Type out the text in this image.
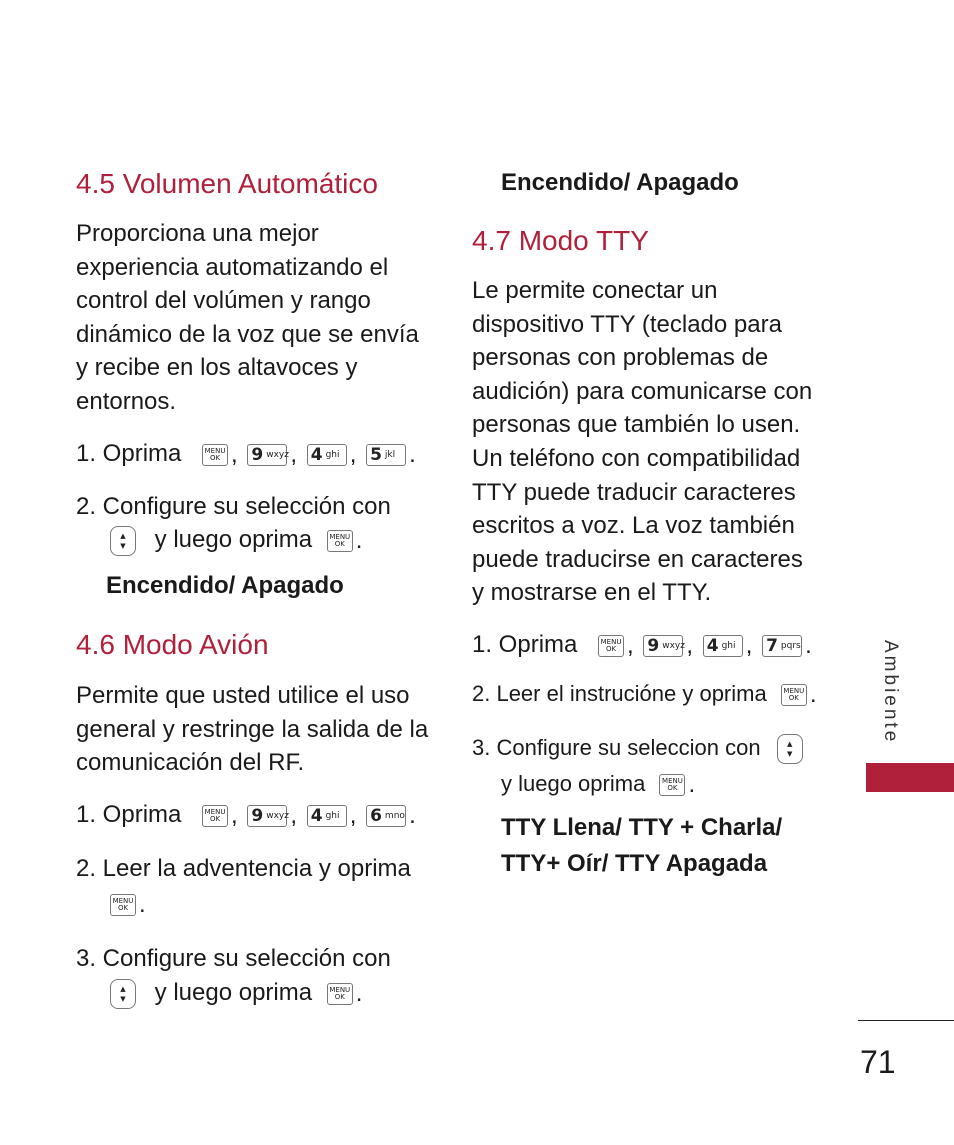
4.5 Volumen Automático

Proporciona una mejor experiencia automatizando el control del volúmen y rango dinámico de la voz que se envía y recibe en los altavoces y entornos.

1. Oprima	MENU
OK , 9 wxyz , 4 ghi , 5 jkl .
2. Configure su selección con
▲
▼ y luego oprima MENU
OK .
Encendido/ Apagado
4.6 Modo Avión

Permite que usted utilice el uso general y restringe la salida de la comunicación del RF.

1. Oprima	MENU
OK , 9 wxyz , 4 ghi , 6 mno .
2. Leer la adventencia y oprima
MENU
OK .
3. Configure su selección con
▲
▼ y luego oprima MENU
OK .
Encendido/ Apagado
4.7 Modo TTY

Le permite conectar un dispositivo TTY (teclado para personas con problemas de audición) para comunicarse con personas que también lo usen. Un teléfono con compatibilidad TTY puede traducir caracteres escritos a voz. La voz también puede traducirse en caracteres y mostrarse en el TTY.

1. Oprima	MENU
OK , 9 wxyz , 4 ghi , 7 pqrs .
2. Leer el instrucióne y oprima MENU
OK .
3. Configure su seleccion con	▲
▼
y luego oprima MENU
OK .
TTY Llena/ TTY + Charla/
TTY+ Oír/ TTY Apagada
Ambiente
71
